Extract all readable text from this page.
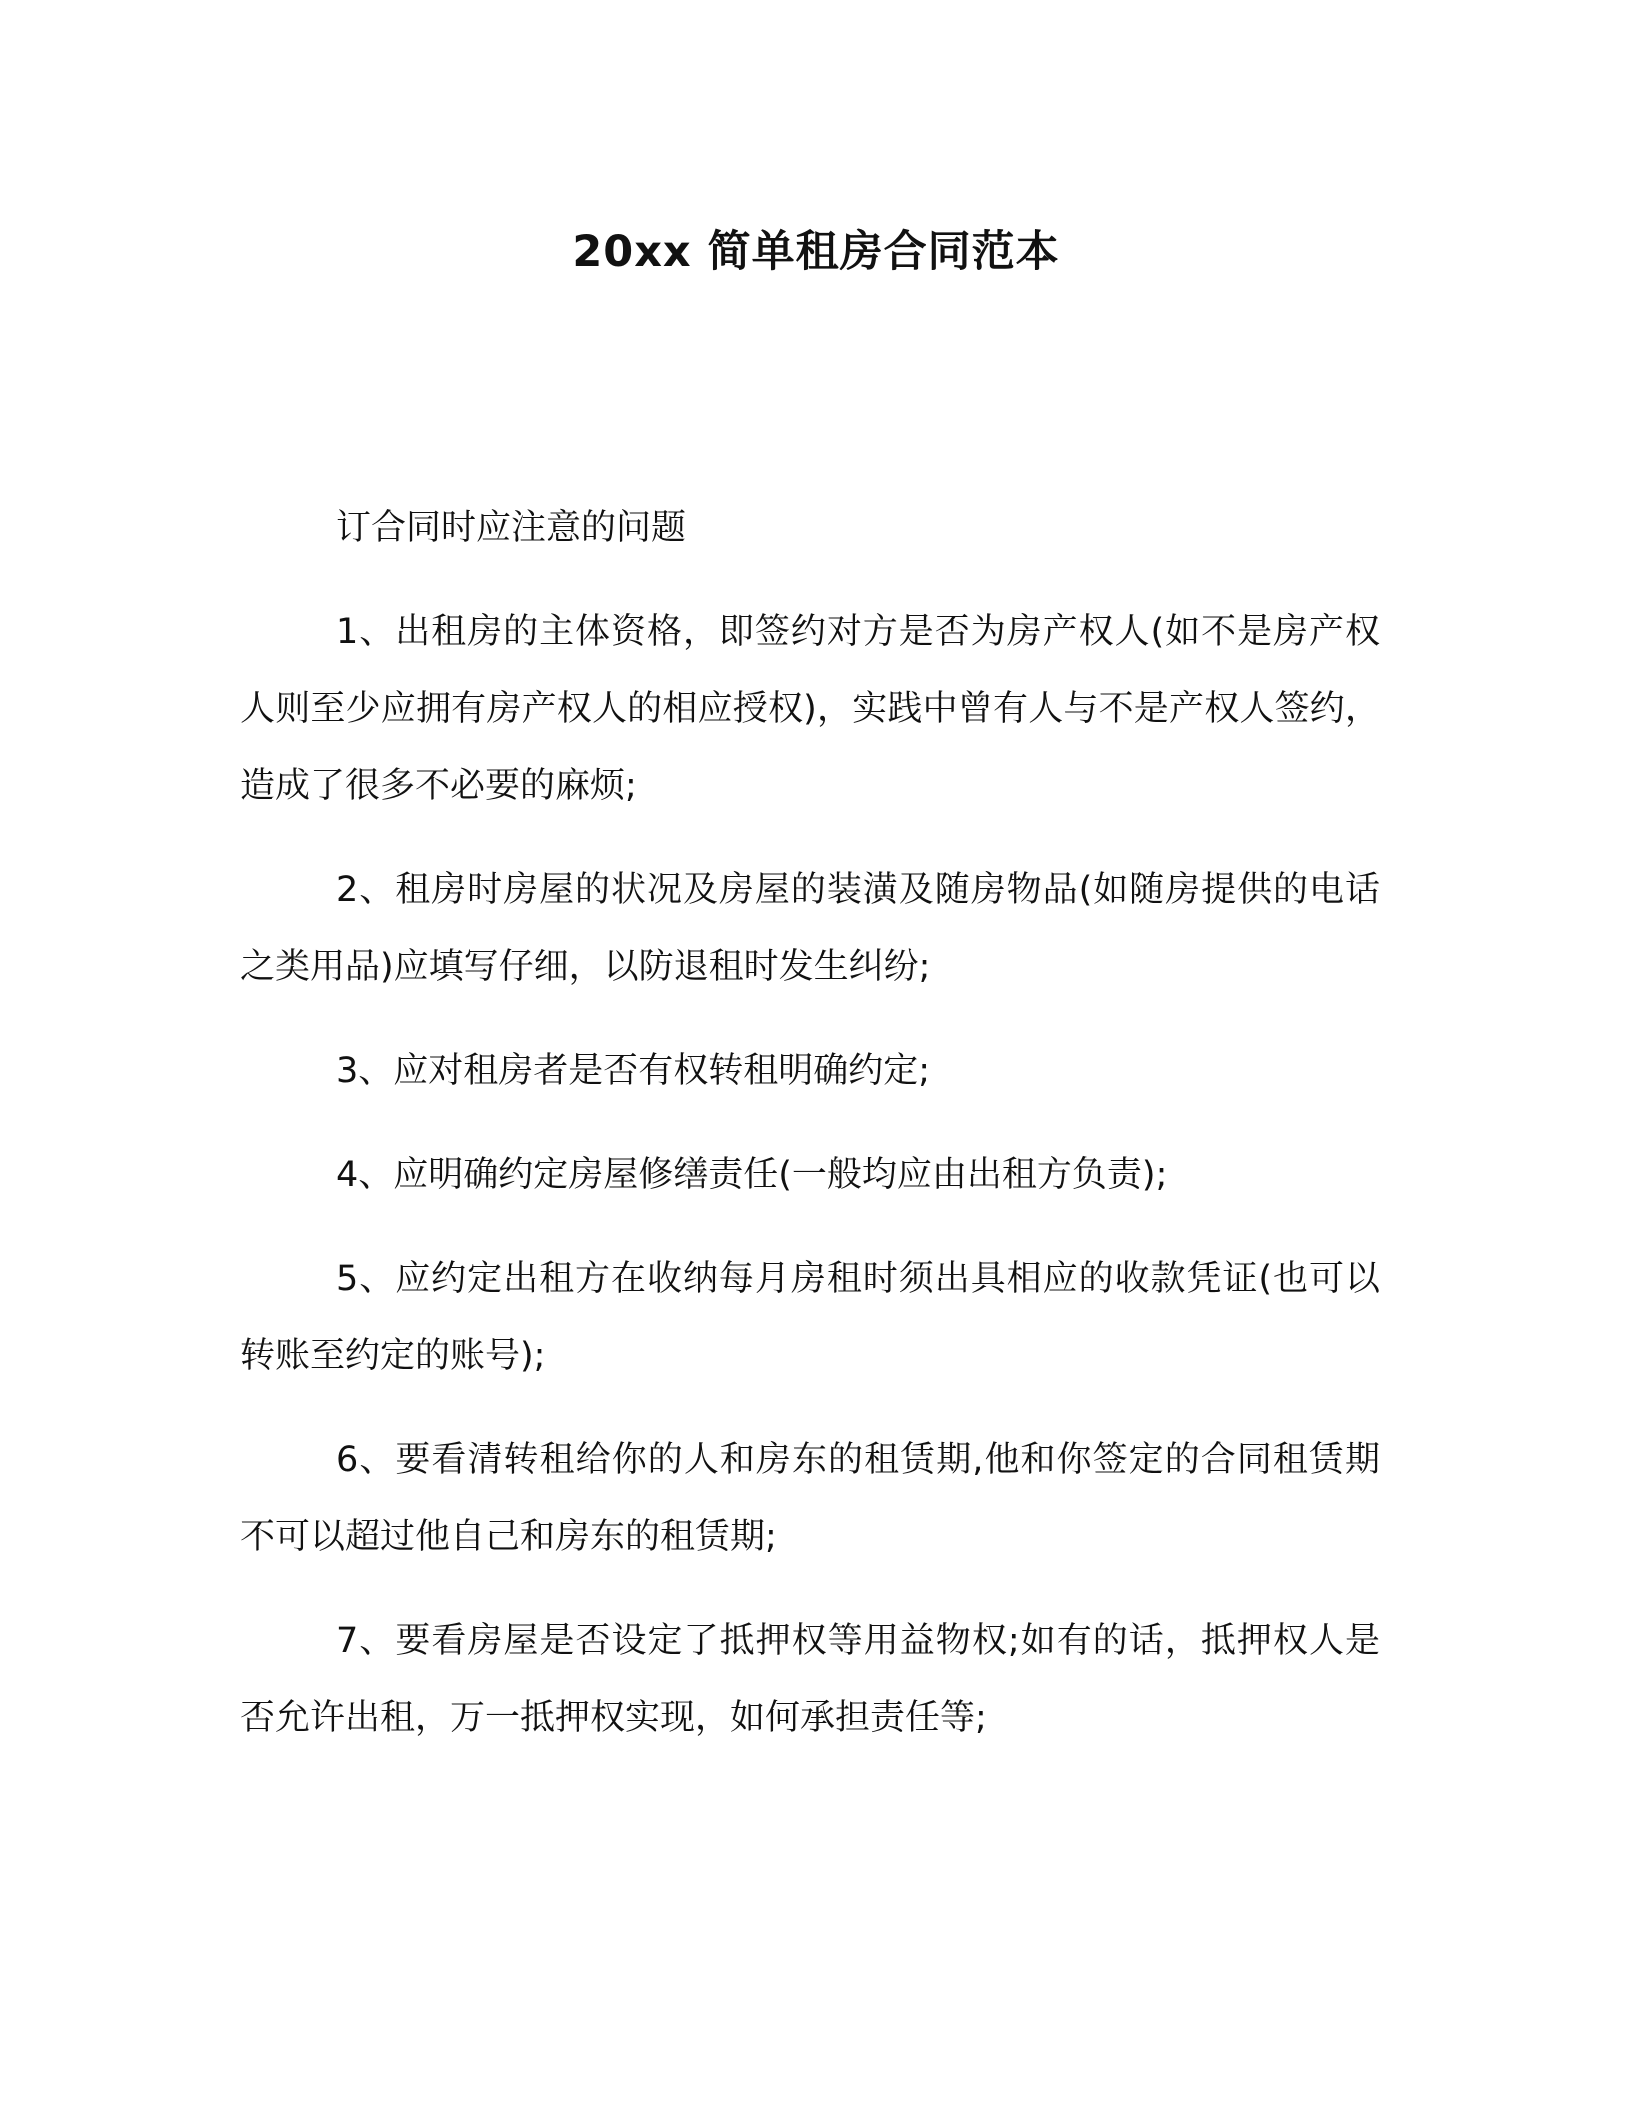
20xx 简单租房合同范本

订合同时应注意的问题

1、出租房的主体资格，即签约对方是否为房产权人(如不是房产权人则至少应拥有房产权人的相应授权)，实践中曾有人与不是产权人签约，造成了很多不必要的麻烦;

2、租房时房屋的状况及房屋的装潢及随房物品(如随房提供的电话之类用品)应填写仔细，以防退租时发生纠纷;

3、应对租房者是否有权转租明确约定;

4、应明确约定房屋修缮责任(一般均应由出租方负责);

5、应约定出租方在收纳每月房租时须出具相应的收款凭证(也可以转账至约定的账号);

6、要看清转租给你的人和房东的租赁期,他和你签定的合同租赁期不可以超过他自己和房东的租赁期;

7、要看房屋是否设定了抵押权等用益物权;如有的话，抵押权人是否允许出租，万一抵押权实现，如何承担责任等;
